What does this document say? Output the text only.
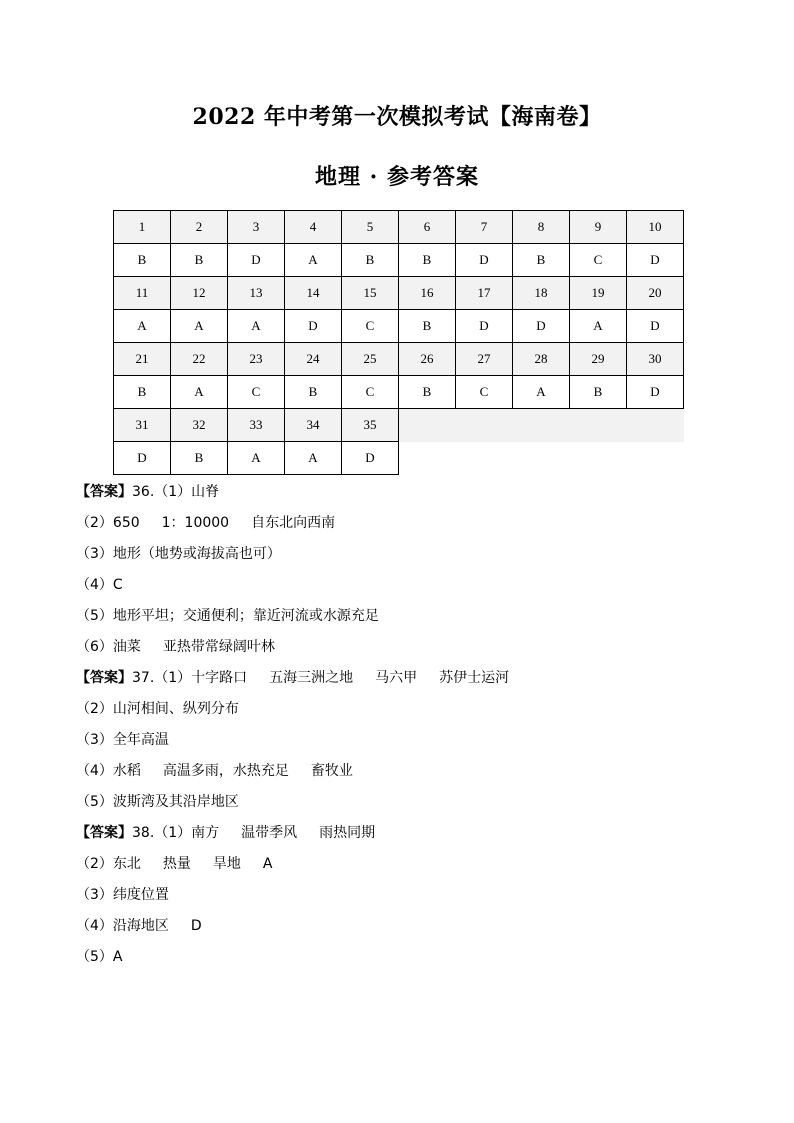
2022 年中考第一次模拟考试【海南卷】
地理 · 参考答案
1	2	3	4	5	6	7	8	9	10
B	B	D	A	B	B	D	B	C	D
11	12	13	14	15	16	17	18	19	20
A	A	A	D	C	B	D	D	A	D
21	22	23	24	25	26	27	28	29	30
B	A	C	B	C	B	C	A	B	D
31	32	33	34	35					
D	B	A	A	D					
【答案】36.（1）山脊
（2）650 1：10000 自东北向西南
（3）地形（地势或海拔高也可）
（4）C
（5）地形平坦；交通便利；靠近河流或水源充足
（6）油菜 亚热带常绿阔叶林
【答案】37.（1）十字路口 五海三洲之地 马六甲 苏伊士运河
（2）山河相间、纵列分布
（3）全年高温
（4）水稻 高温多雨，水热充足 畜牧业
（5）波斯湾及其沿岸地区
【答案】38.（1）南方 温带季风 雨热同期
（2）东北 热量 旱地 A
（3）纬度位置
（4）沿海地区 D
（5）A
